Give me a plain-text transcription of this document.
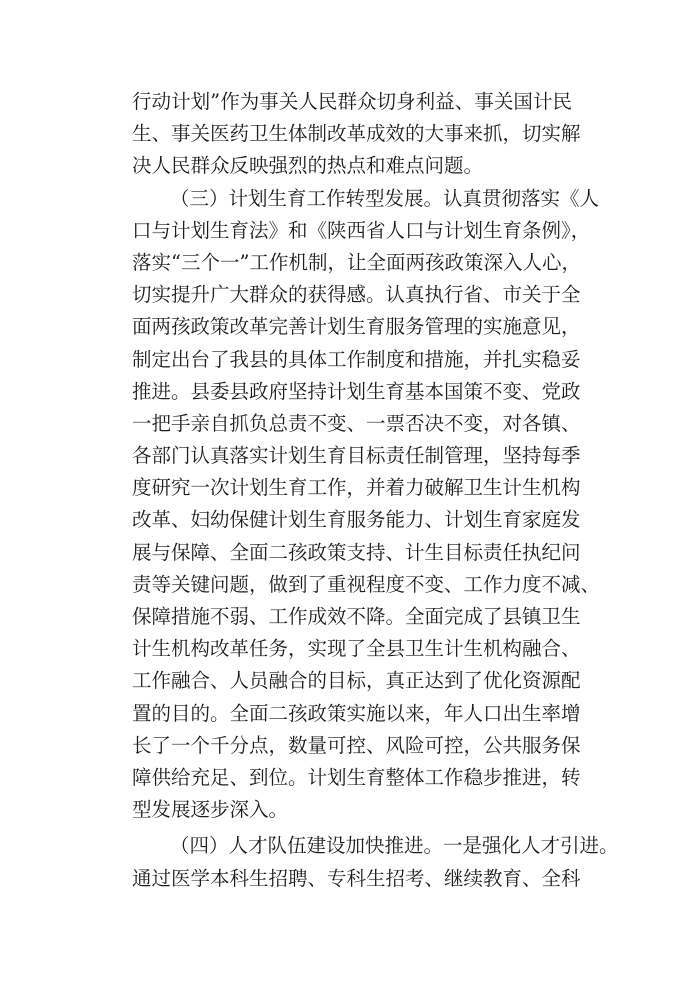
行动计划”作为事关人民群众切身利益、事关国计民
生、事关医药卫生体制改革成效的大事来抓，切实解
决人民群众反映强烈的热点和难点问题。
（三）计划生育工作转型发展。认真贯彻落实《人
口与计划生育法》和《陕西省人口与计划生育条例》，
落实“三个一”工作机制，让全面两孩政策深入人心，
切实提升广大群众的获得感。认真执行省、市关于全
面两孩政策改革完善计划生育服务管理的实施意见，
制定出台了我县的具体工作制度和措施，并扎实稳妥
推进。县委县政府坚持计划生育基本国策不变、党政
一把手亲自抓负总责不变、一票否决不变，对各镇、
各部门认真落实计划生育目标责任制管理，坚持每季
度研究一次计划生育工作，并着力破解卫生计生机构
改革、妇幼保健计划生育服务能力、计划生育家庭发
展与保障、全面二孩政策支持、计生目标责任执纪问
责等关键问题，做到了重视程度不变、工作力度不减、
保障措施不弱、工作成效不降。全面完成了县镇卫生
计生机构改革任务，实现了全县卫生计生机构融合、
工作融合、人员融合的目标，真正达到了优化资源配
置的目的。全面二孩政策实施以来，年人口出生率增
长了一个千分点，数量可控、风险可控，公共服务保
障供给充足、到位。计划生育整体工作稳步推进，转
型发展逐步深入。
（四）人才队伍建设加快推进。一是强化人才引进。
通过医学本科生招聘、专科生招考、继续教育、全科
